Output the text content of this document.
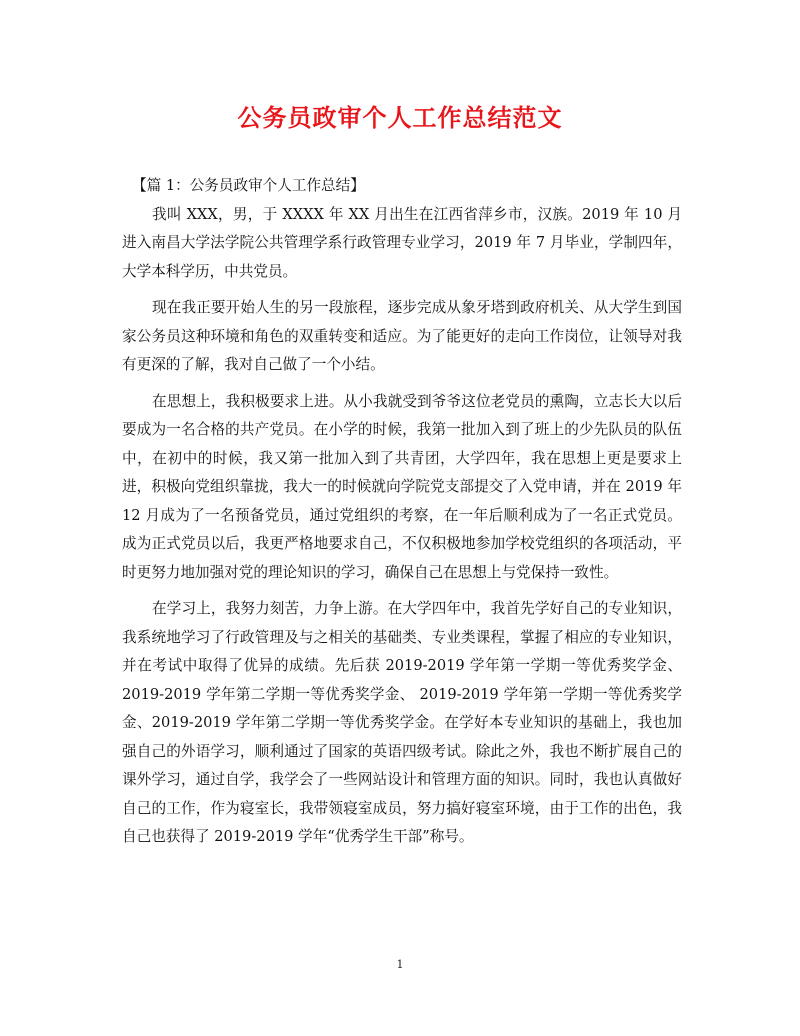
公务员政审个人工作总结范文

【篇 1：公务员政审个人工作总结】

我叫 XXX，男，于 XXXX 年 XX 月出生在江西省萍乡市，汉族。2019 年 10 月进入南昌大学法学院公共管理学系行政管理专业学习，2019 年 7 月毕业，学制四年，大学本科学历，中共党员。

现在我正要开始人生的另一段旅程，逐步完成从象牙塔到政府机关、从大学生到国家公务员这种环境和角色的双重转变和适应。为了能更好的走向工作岗位，让领导对我有更深的了解，我对自己做了一个小结。

在思想上，我积极要求上进。从小我就受到爷爷这位老党员的熏陶，立志长大以后要成为一名合格的共产党员。在小学的时候，我第一批加入到了班上的少先队员的队伍中，在初中的时候，我又第一批加入到了共青团，大学四年，我在思想上更是要求上进，积极向党组织靠拢，我大一的时候就向学院党支部提交了入党申请，并在 2019 年 12 月成为了一名预备党员，通过党组织的考察，在一年后顺利成为了一名正式党员。成为正式党员以后，我更严格地要求自己，不仅积极地参加学校党组织的各项活动，平时更努力地加强对党的理论知识的学习，确保自己在思想上与党保持一致性。

在学习上，我努力刻苦，力争上游。在大学四年中，我首先学好自己的专业知识，我系统地学习了行政管理及与之相关的基础类、专业类课程，掌握了相应的专业知识，并在考试中取得了优异的成绩。先后获 2019-2019 学年第一学期一等优秀奖学金、2019-2019 学年第二学期一等优秀奖学金、 2019-2019 学年第一学期一等优秀奖学金、2019-2019 学年第二学期一等优秀奖学金。在学好本专业知识的基础上，我也加强自己的外语学习，顺利通过了国家的英语四级考试。除此之外，我也不断扩展自己的课外学习，通过自学，我学会了一些网站设计和管理方面的知识。同时，我也认真做好自己的工作，作为寝室长，我带领寝室成员，努力搞好寝室环境，由于工作的出色，我自己也获得了 2019-2019 学年“优秀学生干部”称号。

1
